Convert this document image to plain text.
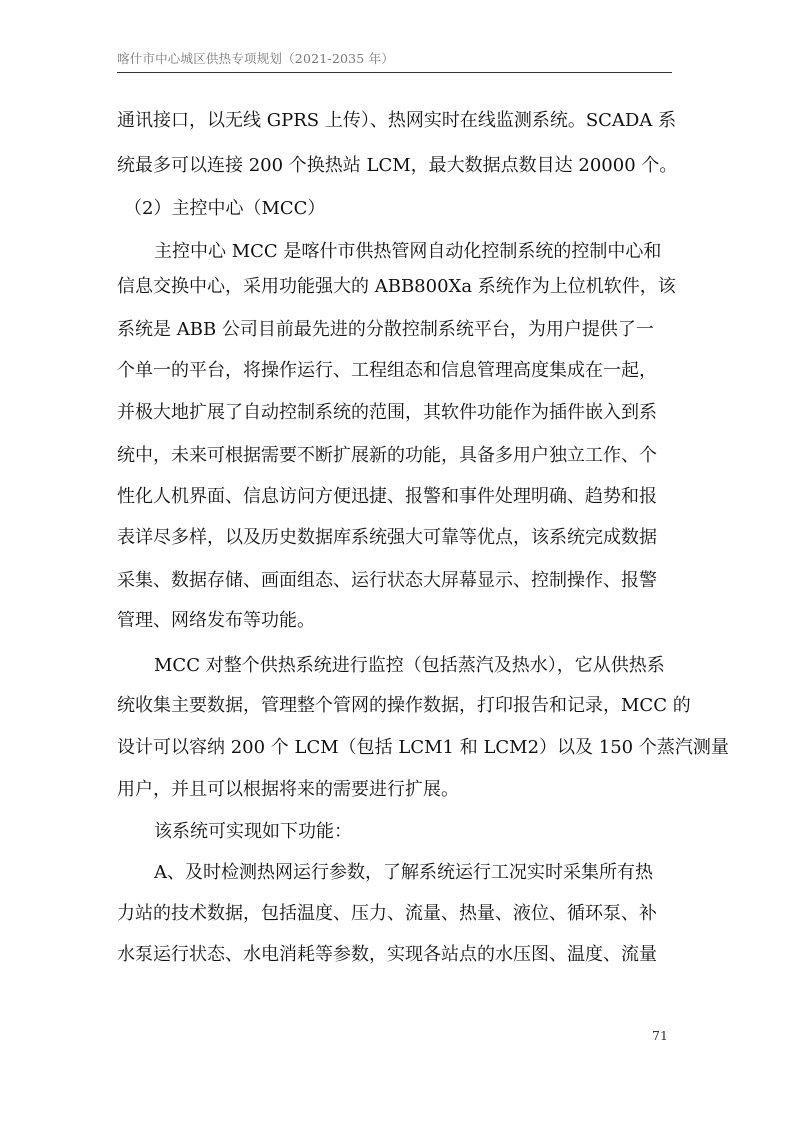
喀什市中心城区供热专项规划（2021-2035 年）
通讯接口，以无线 GPRS 上传）、热网实时在线监测系统。SCADA 系
统最多可以连接 200 个换热站 LCM，最大数据点数目达 20000 个。
（2）主控中心（MCC）
主控中心 MCC 是喀什市供热管网自动化控制系统的控制中心和
信息交换中心，采用功能强大的 ABB800Xa 系统作为上位机软件，该
系统是 ABB 公司目前最先进的分散控制系统平台，为用户提供了一
个单一的平台，将操作运行、工程组态和信息管理高度集成在一起，
并极大地扩展了自动控制系统的范围，其软件功能作为插件嵌入到系
统中，未来可根据需要不断扩展新的功能，具备多用户独立工作、个
性化人机界面、信息访问方便迅捷、报警和事件处理明确、趋势和报
表详尽多样，以及历史数据库系统强大可靠等优点，该系统完成数据
采集、数据存储、画面组态、运行状态大屏幕显示、控制操作、报警
管理、网络发布等功能。
MCC 对整个供热系统进行监控（包括蒸汽及热水），它从供热系
统收集主要数据，管理整个管网的操作数据，打印报告和记录，MCC 的
设计可以容纳 200 个 LCM（包括 LCM1 和 LCM2）以及 150 个蒸汽测量
用户，并且可以根据将来的需要进行扩展。
该系统可实现如下功能：
A、及时检测热网运行参数，了解系统运行工况实时采集所有热
力站的技术数据，包括温度、压力、流量、热量、液位、循环泵、补
水泵运行状态、水电消耗等参数，实现各站点的水压图、温度、流量
71
